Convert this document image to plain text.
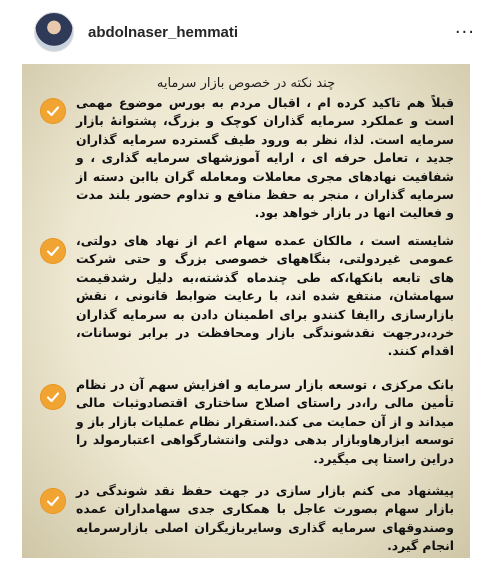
abdolnaser_hemmati	···
چند نکته در خصوص بازار سرمایه
قبلاً هم تاکید کرده ام ، اقبال مردم به بورس موضوع مهمی است و عملکرد سرمایه گذاران کوچک و بزرگ، پشتوانهٔ بازار سرمایه است. لذا، نظر به ورود طیف گسترده سرمایه گذاران جدید ، تعامل حرفه ای ، ارایه آموزشهای سرمایه گذاری ، و شفافیت نهادهای مجری معاملات ومعامله گران باابن دسته از سرمایه گذاران ، منجر به حفظ منافع و تداوم حضور بلند مدت و فعالیت انها در بازار خواهد بود.
شایسته است ، مالکان عمده سهام اعم از نهاد های دولتی، عمومی غیردولتی، بنگاههای خصوصی بزرگ و حتی شرکت های تابعه بانکها،که طی چندماه گذشته،به دلیل رشدقیمت سهامشان، منتفع شده اند، با رعایت ضوابط قانونی ، نقش بازارسازی راایفا کنندو برای اطمینان دادن به سرمایه گذاران خرد،درجهت نقدشوندگی بازار ومحافظت در برابر نوسانات، اقدام کنند.
بانک مرکزی ، توسعه بازار سرمایه و افزایش سهم آن در نظام تأمین مالی را،در راستای اصلاح ساختاری اقتصادوثبات مالی میداند و از آن حمایت می کند.استقرار نظام عملیات بازار باز و توسعه ابزارهاوبازار بدهی دولتی وانتشارگواهی اعتبارمولد را دراین راستا پی میگیرد.
پیشنهاد می کنم بازار سازی در جهت حفظ نقد شوندگی در بازار سهام بصورت عاجل با همکاری جدی سهامداران عمده وصندوقهای سرمایه گذاری وسایربازیگران اصلی بازارسرمایه انجام گیرد.
